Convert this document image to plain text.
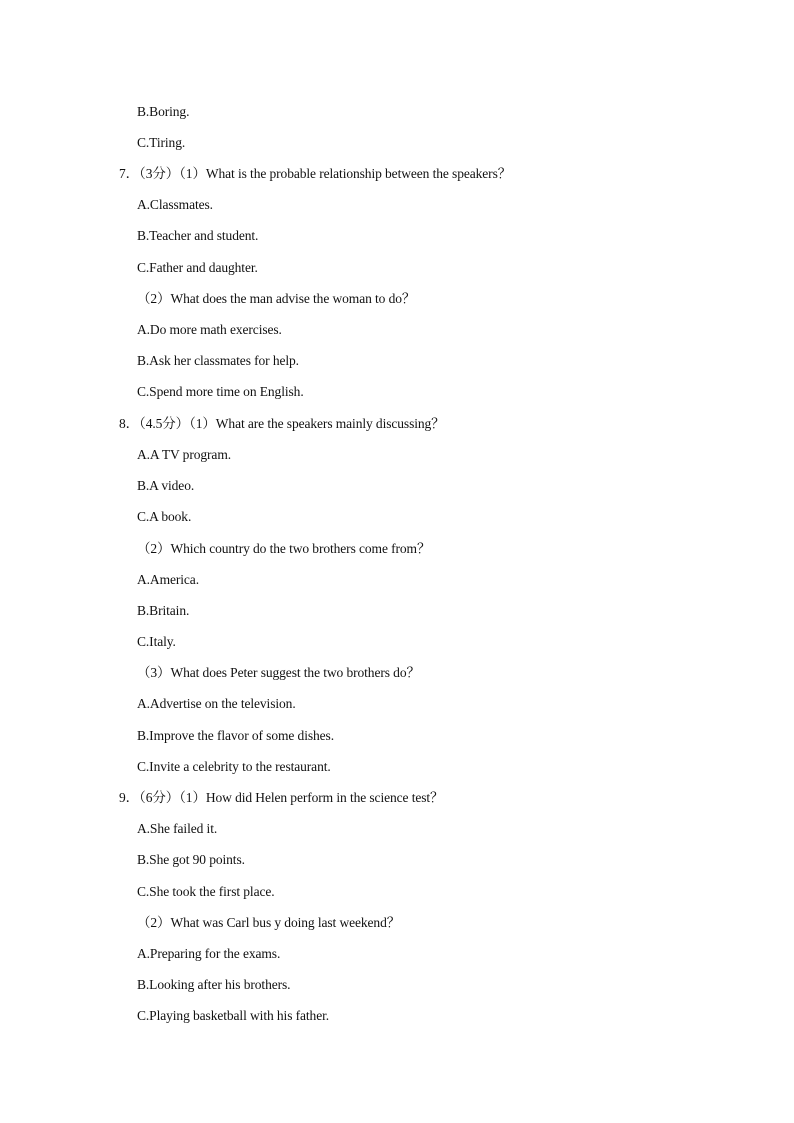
B.Boring.
C.Tiring.
7．（3分）（1）What is the probable relationship between the speakers？
A.Classmates.
B.Teacher and student.
C.Father and daughter.
（2）What does the man advise the woman to do？
A.Do more math exercises.
B.Ask her classmates for help.
C.Spend more time on English.
8．（4.5分）（1）What are the speakers mainly discussing？
A.A TV program.
B.A video.
C.A book.
（2）Which country do the two brothers come from？
A.America.
B.Britain.
C.Italy.
（3）What does Peter suggest the two brothers do？
A.Advertise on the television.
B.Improve the flavor of some dishes.
C.Invite a celebrity to the restaurant.
9．（6分）（1）How did Helen perform in the science test？
A.She failed it.
B.She got 90 points.
C.She took the first place.
（2）What was Carl bus y doing last weekend？
A.Preparing for the exams.
B.Looking after his brothers.
C.Playing basketball with his father.
